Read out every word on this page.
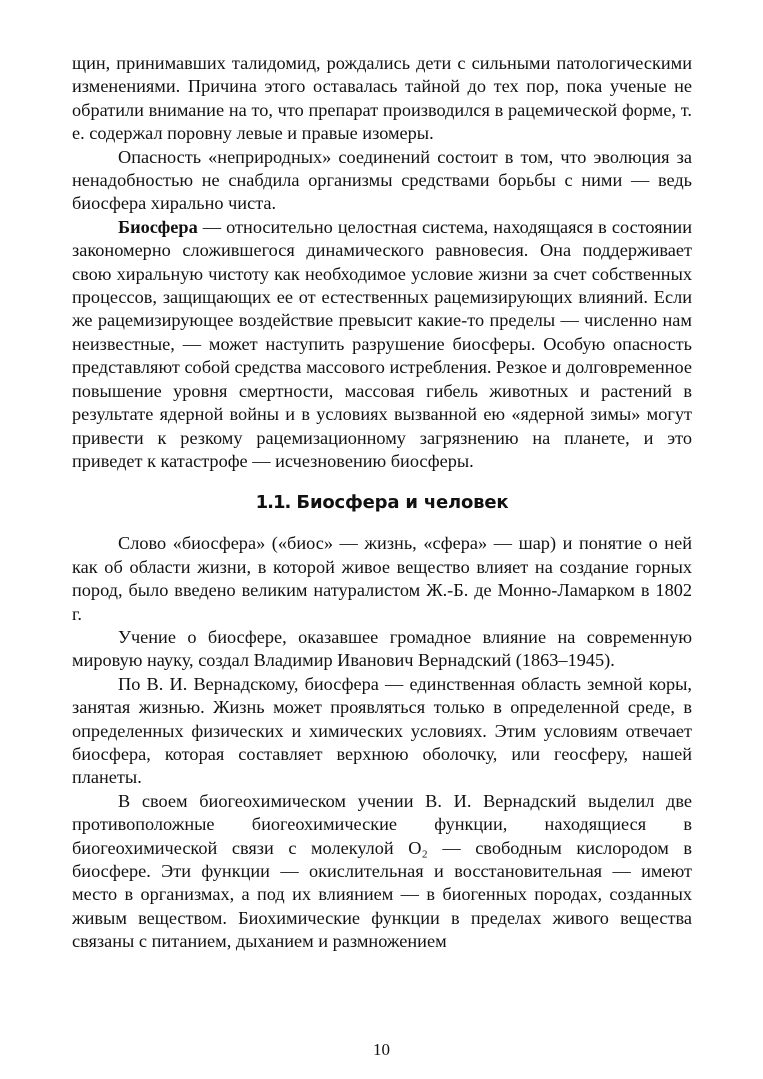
щин, принимавших талидомид, рождались дети с сильными патологическими изменениями. Причина этого оставалась тайной до тех пор, пока ученые не обратили внимание на то, что препарат производился в рацемической форме, т. е. содержал поровну левые и правые изомеры.

Опасность «неприродных» соединений состоит в том, что эволюция за ненадобностью не снабдила организмы средствами борьбы с ними — ведь биосфера хирально чиста.

Биосфера — относительно целостная система, находящаяся в состоянии закономерно сложившегося динамического равновесия. Она поддерживает свою хиральную чистоту как необходимое условие жизни за счет собственных процессов, защищающих ее от естественных рацемизирующих влияний. Если же рацемизирующее воздействие превысит какие-то пределы — численно нам неизвестные, — может наступить разрушение биосферы. Особую опасность представляют собой средства массового истребления. Резкое и долговременное повышение уровня смертности, массовая гибель животных и растений в результате ядерной войны и в условиях вызванной ею «ядерной зимы» могут привести к резкому рацемизационному загрязнению на планете, и это приведет к катастрофе — исчезновению биосферы.

1.1. Биосфера и человек

Слово «биосфера» («биос» — жизнь, «сфера» — шар) и понятие о ней как об области жизни, в которой живое вещество влияет на создание горных пород, было введено великим натуралистом Ж.-Б. де Монно-Ламарком в 1802 г.

Учение о биосфере, оказавшее громадное влияние на современную мировую науку, создал Владимир Иванович Вернадский (1863–1945).

По В. И. Вернадскому, биосфера — единственная область земной коры, занятая жизнью. Жизнь может проявляться только в определенной среде, в определенных физических и химических условиях. Этим условиям отвечает биосфера, которая составляет верхнюю оболочку, или геосферу, нашей планеты.

В своем биогеохимическом учении В. И. Вернадский выделил две противоположные биогеохимические функции, находящиеся в биогеохимической связи с молекулой O₂ — свободным кислородом в биосфере. Эти функции — окислительная и восстановительная — имеют место в организмах, а под их влиянием — в биогенных породах, созданных живым веществом. Биохимические функции в пределах живого вещества связаны с питанием, дыханием и размножением

10
